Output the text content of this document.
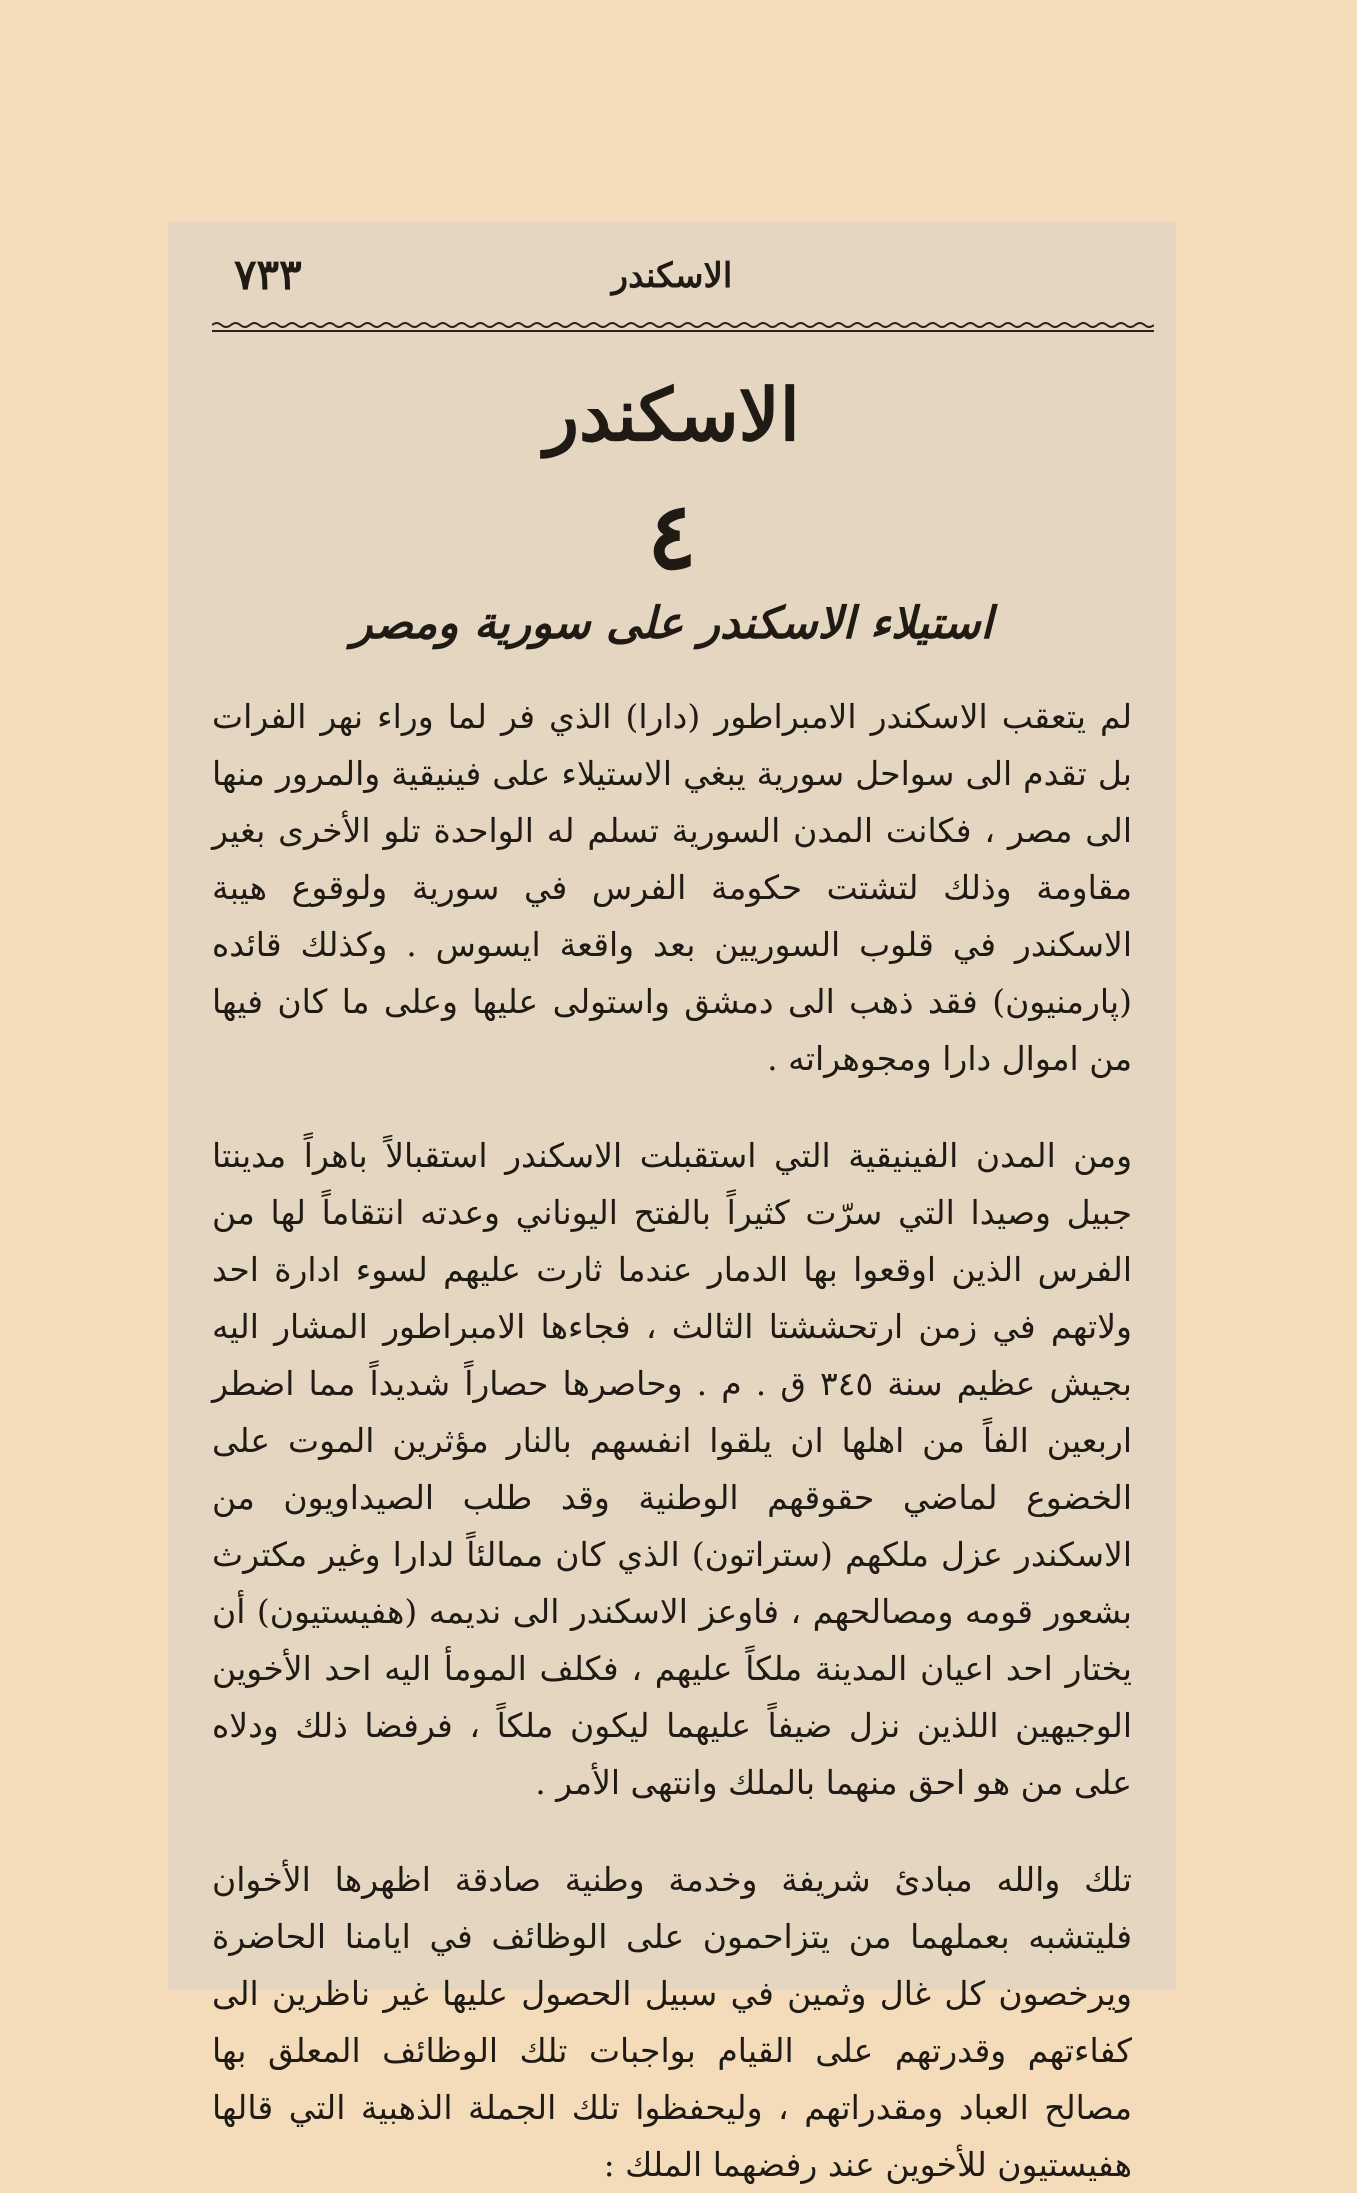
الاسكندر
٧٣٣
الاسكندر
٤
استيلاء الاسكندر على سورية ومصر

لم يتعقب الاسكندر الامبراطور (دارا) الذي فر لما وراء نهر الفرات بل تقدم الى سواحل سورية يبغي الاستيلاء على فينيقية والمرور منها الى مصر ، فكانت المدن السورية تسلم له الواحدة تلو الأخرى بغير مقاومة وذلك لتشتت حكومة الفرس في سورية ولوقوع هيبة الاسكندر في قلوب السوريين بعد واقعة ايسوس . وكذلك قائده (پارمنيون) فقد ذهب الى دمشق واستولى عليها وعلى ما كان فيها من اموال دارا ومجوهراته .

ومن المدن الفينيقية التي استقبلت الاسكندر استقبالاً باهراً مدينتا جبيل وصيدا التي سرّت كثيراً بالفتح اليوناني وعدته انتقاماً لها من الفرس الذين اوقعوا بها الدمار عندما ثارت عليهم لسوء ادارة احد ولاتهم في زمن ارتحششتا الثالث ، فجاءها الامبراطور المشار اليه بجيش عظيم سنة ٣٤٥ ق . م . وحاصرها حصاراً شديداً مما اضطر اربعين الفاً من اهلها ان يلقوا انفسهم بالنار مؤثرين الموت على الخضوع لماضي حقوقهم الوطنية وقد طلب الصيداويون من الاسكندر عزل ملكهم (ستراتون) الذي كان ممالئاً لدارا وغير مكترث بشعور قومه ومصالحهم ، فاوعز الاسكندر الى نديمه (هفيستيون) أن يختار احد اعيان المدينة ملكاً عليهم ، فكلف المومأ اليه احد الأخوين الوجيهين اللذين نزل ضيفاً عليهما ليكون ملكاً ، فرفضا ذلك ودلاه على من هو احق منهما بالملك وانتهى الأمر .

تلك والله مبادئ شريفة وخدمة وطنية صادقة اظهرها الأخوان فليتشبه بعملهما من يتزاحمون على الوظائف في ايامنا الحاضرة ويرخصون كل غال وثمين في سبيل الحصول عليها غير ناظرين الى كفاءتهم وقدرتهم على القيام بواجبات تلك الوظائف المعلق بها مصالح العباد ومقدراتهم ، وليحفظوا تلك الجملة الذهبية التي قالها هفيستيون للأخوين عند رفضهما الملك :
